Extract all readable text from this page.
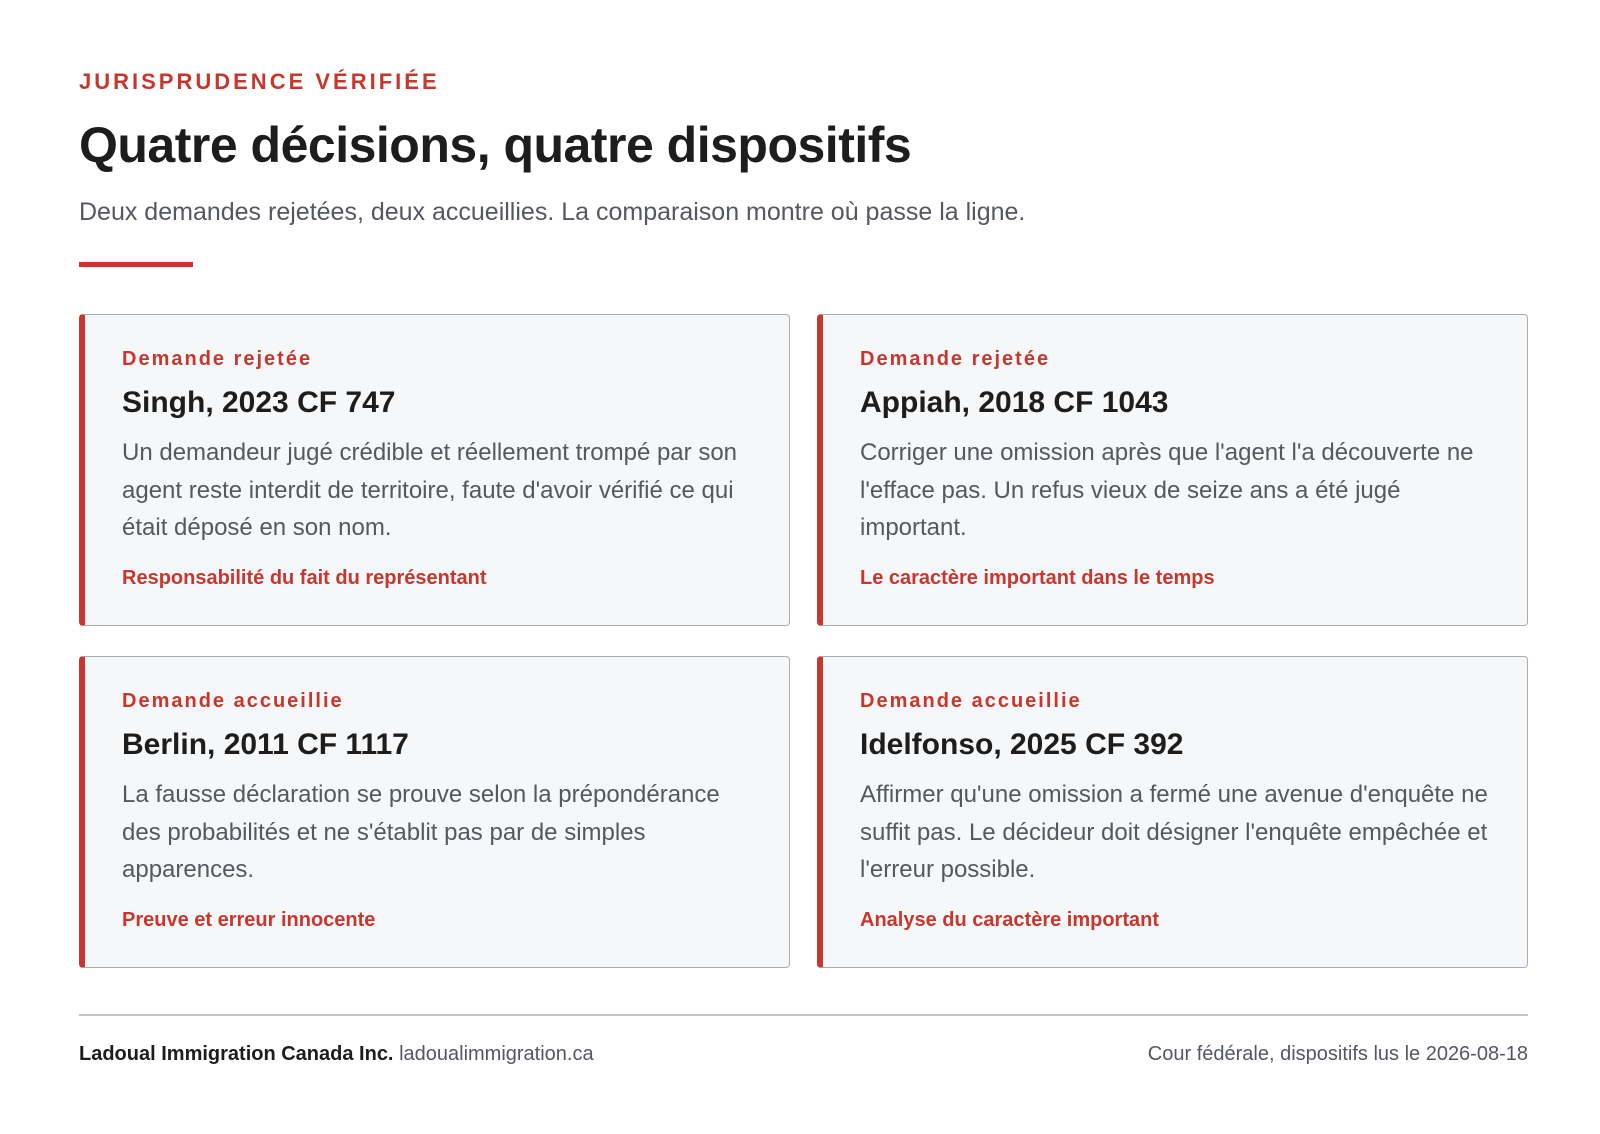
JURISPRUDENCE VÉRIFIÉE
Quatre décisions, quatre dispositifs

Deux demandes rejetées, deux accueillies. La comparaison montre où passe la ligne.

Demande rejetée
Singh, 2023 CF 747

Un demandeur jugé crédible et réellement trompé par son agent reste interdit de territoire, faute d'avoir vérifié ce qui était déposé en son nom.

Responsabilité du fait du représentant
Demande rejetée
Appiah, 2018 CF 1043

Corriger une omission après que l'agent l'a découverte ne l'efface pas. Un refus vieux de seize ans a été jugé important.

Le caractère important dans le temps
Demande accueillie
Berlin, 2011 CF 1117

La fausse déclaration se prouve selon la prépondérance des probabilités et ne s'établit pas par de simples apparences.

Preuve et erreur innocente
Demande accueillie
Idelfonso, 2025 CF 392

Affirmer qu'une omission a fermé une avenue d'enquête ne suffit pas. Le décideur doit désigner l'enquête empêchée et l'erreur possible.

Analyse du caractère important
Ladoual Immigration Canada Inc. ladoualimmigration.ca	Cour fédérale, dispositifs lus le 2026-08-18
